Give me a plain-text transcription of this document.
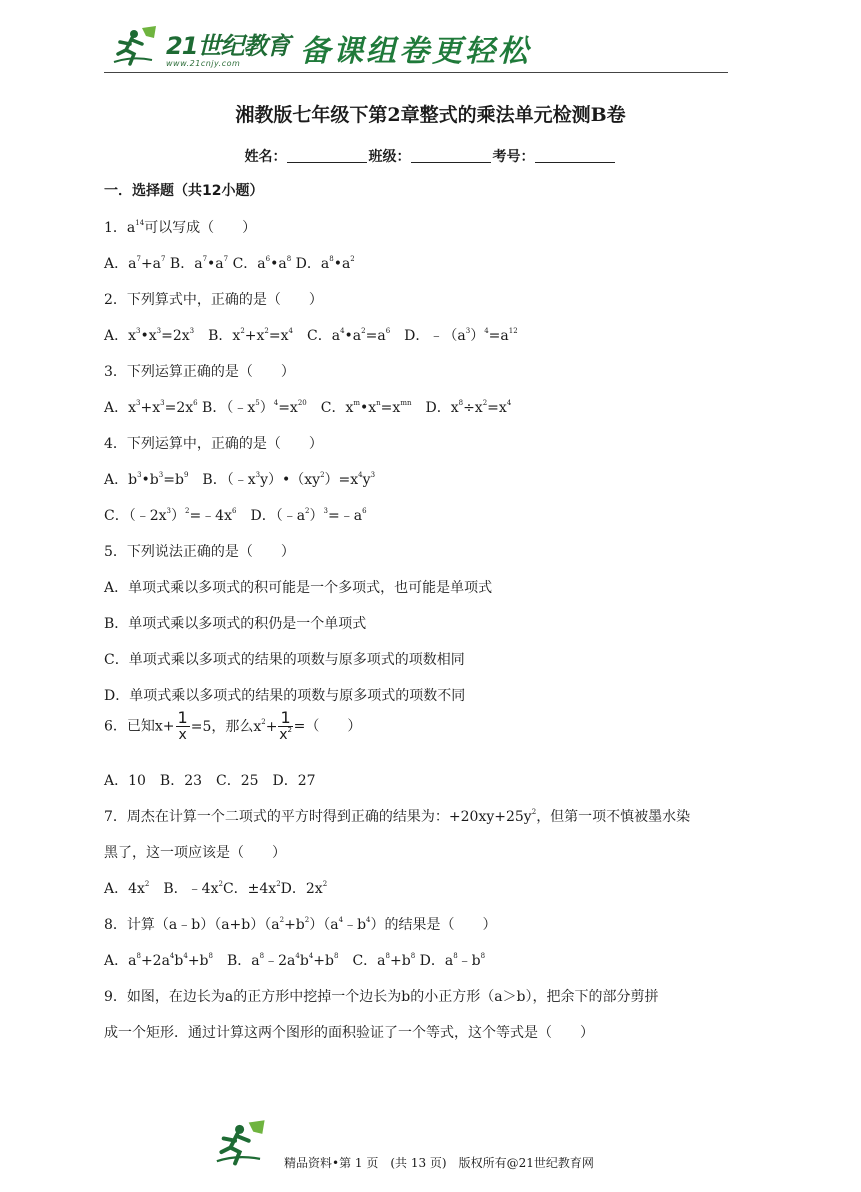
21世纪教育
www.21cnjy.com 备课组卷更轻松
湘教版七年级下第2章整式的乘法单元检测B卷
姓名：	班级：	考号：
一．选择题（共12小题）
1．$a^{14}$可以写成（　　）
A．$a^7+a^7$ B．$a^7•a^7$ C．$a^6•a^8$ D．$a^8•a^2$
2．下列算式中，正确的是（　　）
A．$x^3•x^3=2x^3$　B．$x^2+x^2=x^4$　C．$a^4•a^2=a^6$　D．$﹣(a^3)^4=a^{12}$
3．下列运算正确的是（　　）
A．$x^3+x^3=2x^6$ B．$(﹣x^5)^4=x^{20}$　C．$x^m•x^n=x^{mn}$　D．$x^8\div x^2=x^4$
4．下列运算中，正确的是（　　）
A．$b^3•b^3=b^9$　B．$(﹣x^3y)•(xy^2)=x^4y^3$
C．$(﹣2x^3)^2=﹣4x^6$　D．$(﹣a^2)^3=﹣a^6$
5．下列说法正确的是（　　）
A．单项式乘以多项式的积可能是一个多项式，也可能是单项式
B．单项式乘以多项式的积仍是一个单项式
C．单项式乘以多项式的结果的项数与原多项式的项数相同
D．单项式乘以多项式的结果的项数与原多项式的项数不同
6．已知$x+ \frac{1}{x} =5$，那么$x^2+ \frac{1}{x^2}$ =（　　）
A．10　B．23　C．25　D．27
7．周杰在计算一个二项式的平方时得到正确的结果为：$+20xy+25y^2$，但第一项不慎被墨水染
黑了，这一项应该是（　　）
A．$4x^2$　B．$﹣4x^2C$．$\pm 4x^2D$．$2x^2$
8．计算$(a﹣b)(a+b)(a^2+b^2)(a^4﹣b^4)$的结果是（　　）
A．$a^8+2a^4b^4+b^8$　B．$a^8﹣2a^4b^4+b^8$　C．$a^8+b^8$ D．$a^8﹣b^8$
9．如图，在边长为a的正方形中挖掉一个边长为b的小正方形（a＞b），把余下的部分剪拼
成一个矩形．通过计算这两个图形的面积验证了一个等式，这个等式是（　　）
精品资料•第 1 页　(共 13 页)　版权所有@21世纪教育网
